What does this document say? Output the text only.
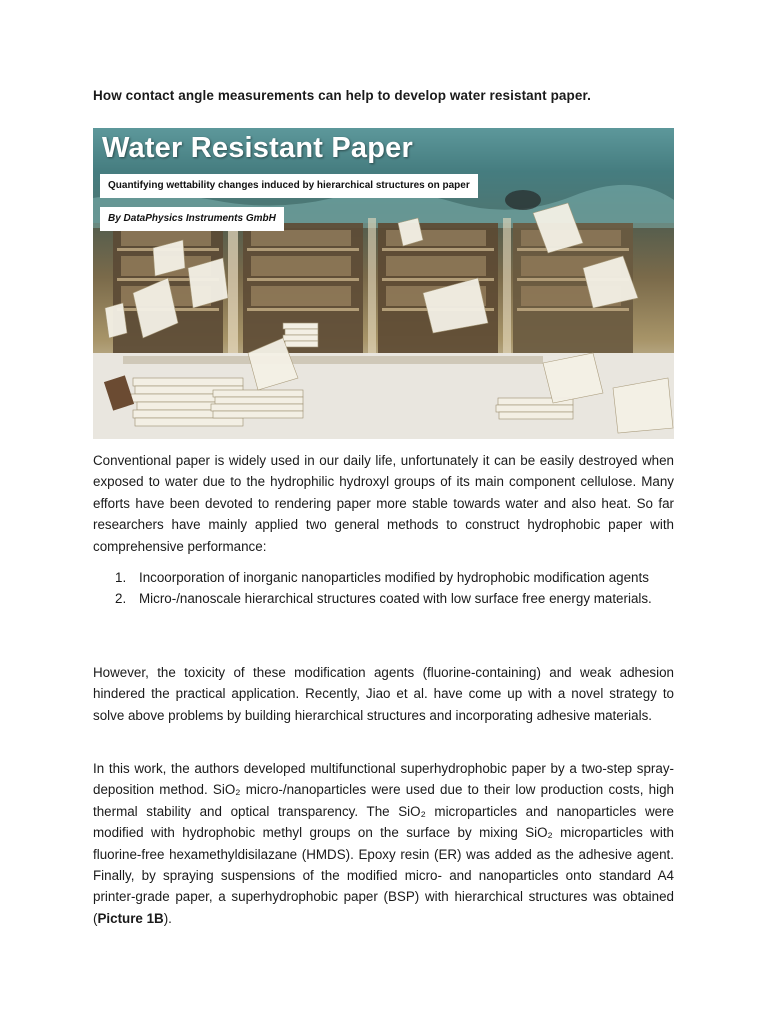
How contact angle measurements can help to develop water resistant paper.
Water Resistant Paper
Quantifying wettability changes induced by hierarchical structures on paper
By DataPhysics Instruments GmbH

Conventional paper is widely used in our daily life, unfortunately it can be easily destroyed when exposed to water due to the hydrophilic hydroxyl groups of its main component cellulose. Many efforts have been devoted to rendering paper more stable towards water and also heat. So far researchers have mainly applied two general methods to construct hydrophobic paper with comprehensive performance:

1. Incoorporation of inorganic nanoparticles modified by hydrophobic modification agents
2. Micro-/nanoscale hierarchical structures coated with low surface free energy materials.

However, the toxicity of these modification agents (fluorine-containing) and weak adhesion hindered the practical application. Recently, Jiao et al. have come up with a novel strategy to solve above problems by building hierarchical structures and incorporating adhesive materials.

In this work, the authors developed multifunctional superhydrophobic paper by a two-step spray-deposition method. SiO₂ micro-/nanoparticles were used due to their low production costs, high thermal stability and optical transparency. The SiO₂ microparticles and nanoparticles were modified with hydrophobic methyl groups on the surface by mixing SiO₂ microparticles with fluorine-free hexamethyldisilazane (HMDS). Epoxy resin (ER) was added as the adhesive agent. Finally, by spraying suspensions of the modified micro- and nanoparticles onto standard A4 printer-grade paper, a superhydrophobic paper (BSP) with hierarchical structures was obtained (Picture 1B).
